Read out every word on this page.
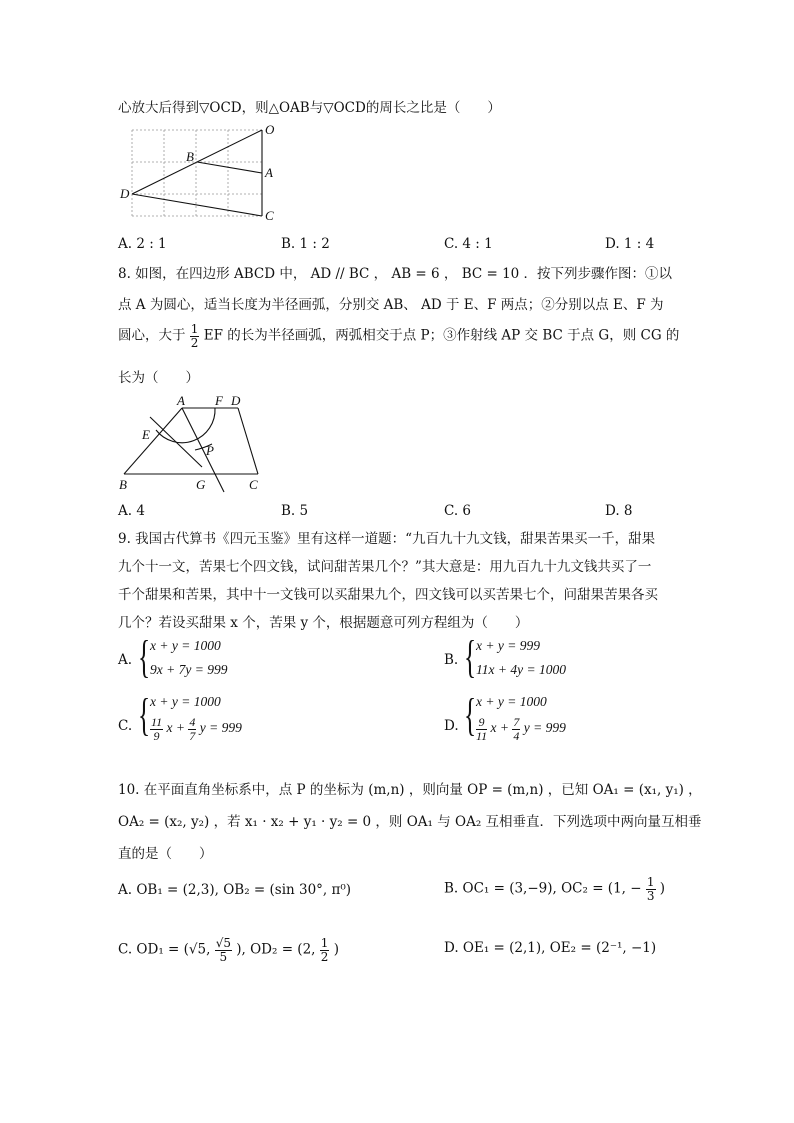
心放大后得到▽OCD，则△OAB与▽OCD的周长之比是（　　）
O
B
A
D
C
A. 2 : 1	B. 1 : 2	C. 4 : 1	D. 1 : 4
8. 如图，在四边形 ABCD 中， AD // BC ， AB = 6 ， BC = 10 ．按下列步骤作图：①以
点 A 为圆心，适当长度为半径画弧，分别交 AB、 AD 于 E、F 两点；②分别以点 E、F 为
圆心，大于 $\frac{1}{2}$ EF 的长为半径画弧，两弧相交于点 P；③作射线 AP 交 BC 于点 G，则 CG 的
长为（　　）
A F D
E
P
B	G	C
A. 4	B. 5	C. 6	D. 8
9. 我国古代算书《四元玉鉴》里有这样一道题：“九百九十九文钱，甜果苦果买一千，甜果
九个十一文，苦果七个四文钱，试问甜苦果几个？”其大意是：用九百九十九文钱共买了一
千个甜果和苦果，其中十一文钱可以买甜果九个，四文钱可以买苦果七个，问甜果苦果各买
几个？若设买甜果 x 个，苦果 y 个，根据题意可列方程组为（　　）
A. { x + y = 1000
9x + 7y = 999
B. { x + y = 999
11x + 4y = 1000
C. { x + y = 1000
$\frac{11}{9}$ $x + \frac{4}{7}$ y = 999	D. { x + y = 1000
$\frac{9}{11}$ $x + \frac{7}{4}$ y = 999
10. 在平面直角坐标系中，点 P 的坐标为 (m,n) ，则向量 OP = (m,n) ，已知 OA₁ = (x₁, y₁) ，
OA₂ = (x₂, y₂) ，若 x₁ · x₂ + y₁ · y₂ = 0 ，则 OA₁ 与 OA₂ 互相垂直．下列选项中两向量互相垂
直的是（　　）
A. OB₁ = (2,3), OB₂ = (sin 30°, π⁰)	B. OC₁ = (3,−9), OC₂ = (1, − $\frac{1}{3}$ )
C. OD₁ = (√5, $\frac{√5}{5}$ ), OD₂ = (2, $\frac{1}{2}$ )	D. OE₁ = (2,1), OE₂ = (2⁻¹, −1)
